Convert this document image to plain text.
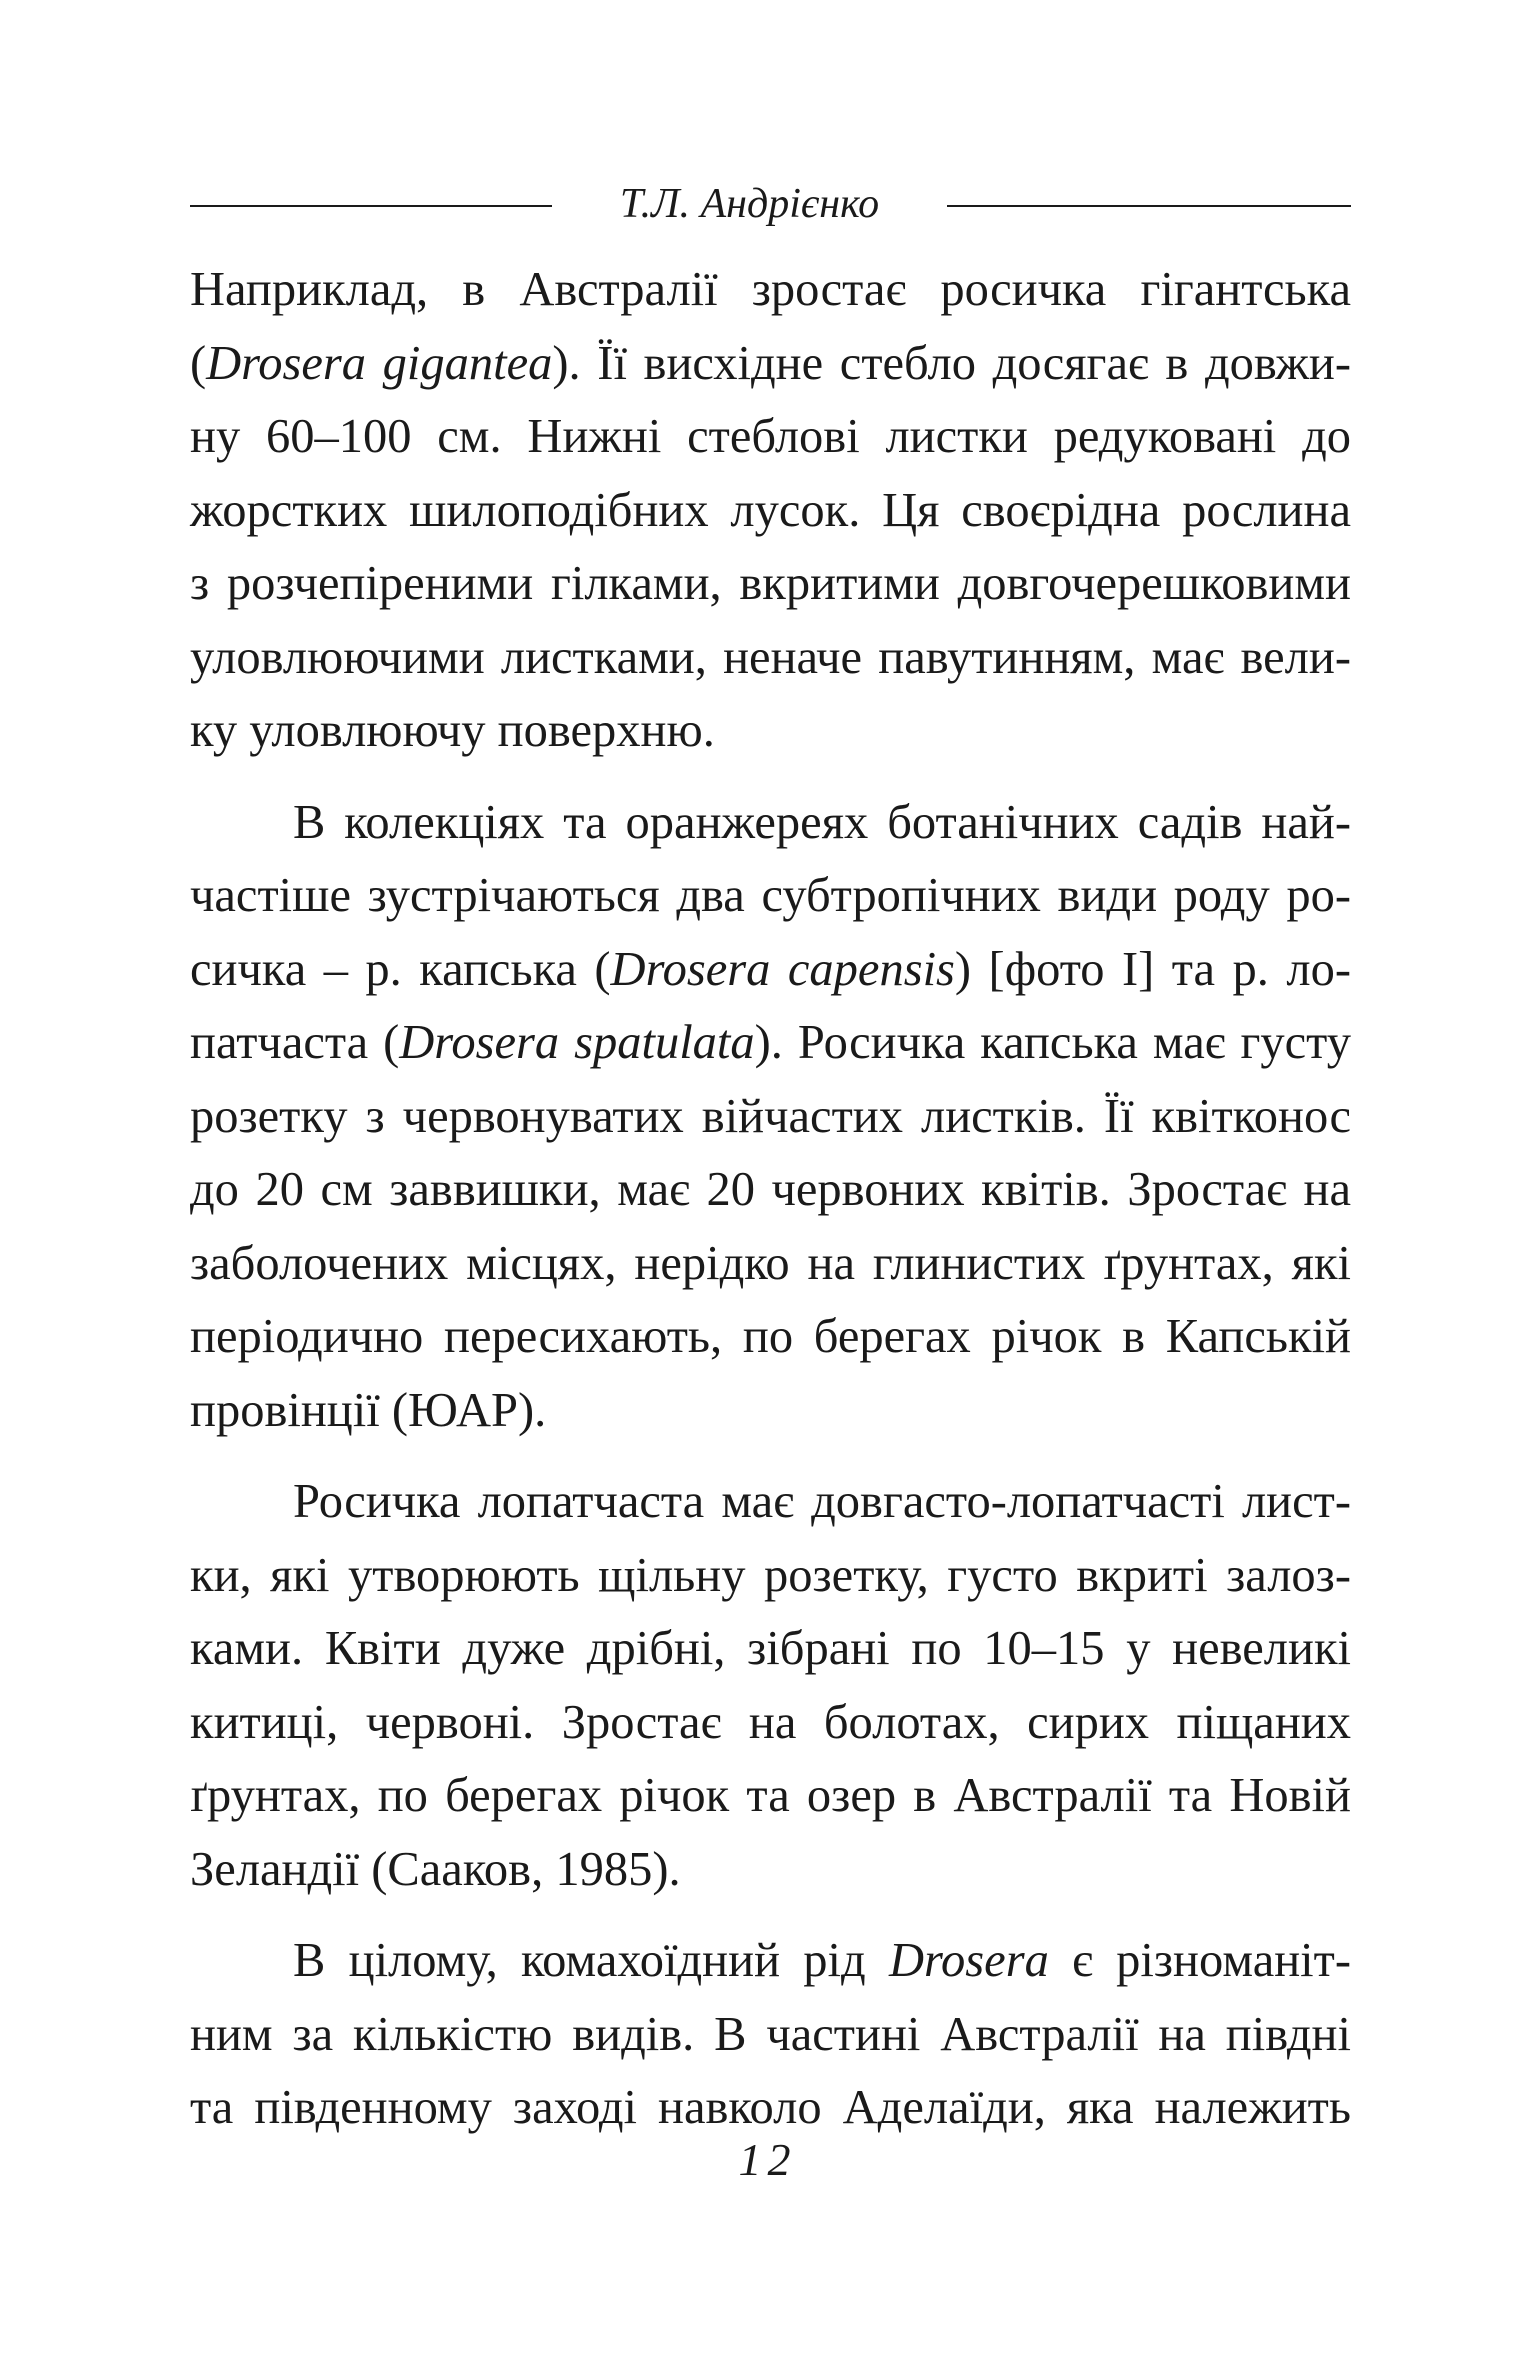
Т.Л. Андрієнко
Наприклад, в Австралії зростає росичка гігантська
(Drosera gigantea). Її висхідне стебло досягає в довжи-
ну 60–100 см. Нижні стеблові листки редуковані до
жорстких шилоподібних лусок. Ця своєрідна рослина
з розчепіреними гілками, вкритими довгочерешковими
уловлюючими листками, неначе павутинням, має вели-
ку уловлюючу поверхню.
В колекціях та оранжереях ботанічних садів най-
частіше зустрічаються два субтропічних види роду ро-
сичка – р. капська (Drosera capensis) [фото І] та р. ло-
патчаста (Drosera spatulata). Росичка капська має густу
розетку з червонуватих війчастих листків. Її квітконос
до 20 см заввишки, має 20 червоних квітів. Зростає на
заболочених місцях, нерідко на глинистих ґрунтах, які
періодично пересихають, по берегах річок в Капській
провінції (ЮАР).
Росичка лопатчаста має довгасто-лопатчасті лист-
ки, які утворюють щільну розетку, густо вкриті залоз-
ками. Квіти дуже дрібні, зібрані по 10–15 у невеликі
китиці, червоні. Зростає на болотах, сирих піщаних
ґрунтах, по берегах річок та озер в Австралії та Новій
Зеландії (Сааков, 1985).
В цілому, комахоїдний рід Drosera є різноманіт-
ним за кількістю видів. В частині Австралії на півдні
та південному заході навколо Аделаїди, яка належить
12
